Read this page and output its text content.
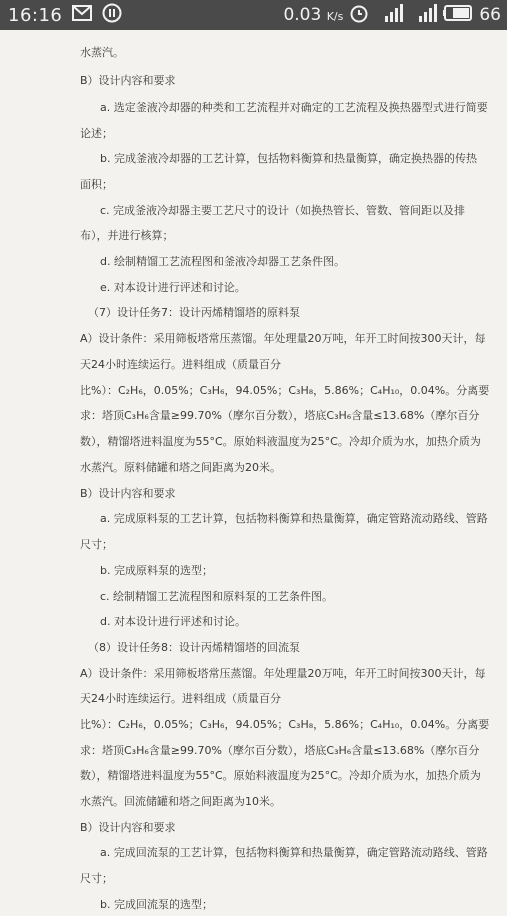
16:16	0.03 K/s	66
水蒸汽。
B）设计内容和要求
a. 选定釜液冷却器的种类和工艺流程并对确定的工艺流程及换热器型式进行简要
论述；
b. 完成釜液冷却器的工艺计算，包括物料衡算和热量衡算，确定换热器的传热
面积；
c. 完成釜液冷却器主要工艺尺寸的设计（如换热管长、管数、管间距以及排
布），并进行核算；
d. 绘制精馏工艺流程图和釜液冷却器工艺条件图。
e. 对本设计进行评述和讨论。
（7）设计任务7：设计丙烯精馏塔的原料泵
A）设计条件：采用筛板塔常压蒸馏。年处理量20万吨，年开工时间按300天计，每
天24小时连续运行。进料组成（质量百分
比%）：C₂H₆，0.05%；C₃H₆，94.05%；C₃H₈，5.86%；C₄H₁₀，0.04%。分离要
求：塔顶C₃H₆含量≥99.70%（摩尔百分数），塔底C₃H₆含量≤13.68%（摩尔百分
数），精馏塔进料温度为55°C。原始料液温度为25°C。冷却介质为水，加热介质为
水蒸汽。原料储罐和塔之间距离为20米。
B）设计内容和要求
a. 完成原料泵的工艺计算，包括物料衡算和热量衡算，确定管路流动路线、管路
尺寸；
b. 完成原料泵的选型；
c. 绘制精馏工艺流程图和原料泵的工艺条件图。
d. 对本设计进行评述和讨论。
（8）设计任务8：设计丙烯精馏塔的回流泵
A）设计条件：采用筛板塔常压蒸馏。年处理量20万吨，年开工时间按300天计，每
天24小时连续运行。进料组成（质量百分
比%）：C₂H₆，0.05%；C₃H₆，94.05%；C₃H₈，5.86%；C₄H₁₀，0.04%。分离要
求：塔顶C₃H₆含量≥99.70%（摩尔百分数），塔底C₃H₆含量≤13.68%（摩尔百分
数），精馏塔进料温度为55°C。原始料液温度为25°C。冷却介质为水，加热介质为
水蒸汽。回流储罐和塔之间距离为10米。
B）设计内容和要求
a. 完成回流泵的工艺计算，包括物料衡算和热量衡算，确定管路流动路线、管路
尺寸；
b. 完成回流泵的选型；
